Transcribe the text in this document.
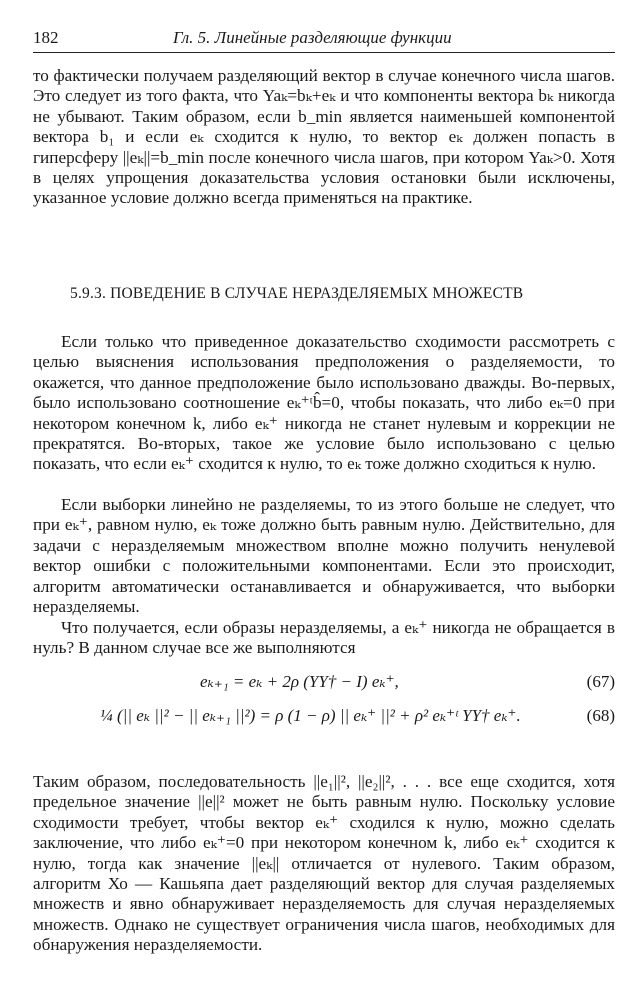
182	Гл. 5. Линейные разделяющие функции

то фактически получаем разделяющий вектор в случае конечного числа шагов. Это следует из того факта, что Yaₖ=bₖ+eₖ и что компоненты вектора bₖ никогда не убывают. Таким образом, если b_min является наименьшей компонентой вектора b₁ и если eₖ сходится к нулю, то вектор eₖ должен попасть в гиперсферу ||eₖ||=b_min после конечного числа шагов, при котором Yaₖ>0. Хотя в целях упрощения доказательства условия остановки были исключены, указанное условие должно всегда применяться на практике.

5.9.3. ПОВЕДЕНИЕ В СЛУЧАЕ НЕРАЗДЕЛЯЕМЫХ МНОЖЕСТВ

Если только что приведенное доказательство сходимости рассмотреть с целью выяснения использования предположения о разделяемости, то окажется, что данное предположение было использовано дважды. Во-первых, было использовано соотношение eₖ⁺ᵗb̂=0, чтобы показать, что либо eₖ=0 при некотором конечном k, либо eₖ⁺ никогда не станет нулевым и коррекции не прекратятся. Во-вторых, такое же условие было использовано с целью показать, что если eₖ⁺ сходится к нулю, то eₖ тоже должно сходиться к нулю.

Если выборки линейно не разделяемы, то из этого больше не следует, что при eₖ⁺, равном нулю, eₖ тоже должно быть равным нулю. Действительно, для задачи с неразделяемым множеством вполне можно получить ненулевой вектор ошибки с положительными компонентами. Если это происходит, алгоритм автоматически останавливается и обнаруживается, что выборки неразделяемы.

Что получается, если образы неразделяемы, а eₖ⁺ никогда не обращается в нуль? В данном случае все же выполняются

eₖ₊₁ = eₖ + 2ρ (YY† − I) eₖ⁺,	(67)
¼ (|| eₖ ||² − || eₖ₊₁ ||²) = ρ (1 − ρ) || eₖ⁺ ||² + ρ² eₖ⁺ᵗ YY† eₖ⁺.	(68)

Таким образом, последовательность ||e₁||², ||e₂||², . . . все еще сходится, хотя предельное значение ||e||² может не быть равным нулю. Поскольку условие сходимости требует, чтобы вектор eₖ⁺ сходился к нулю, можно сделать заключение, что либо eₖ⁺=0 при некотором конечном k, либо eₖ⁺ сходится к нулю, тогда как значение ||eₖ|| отличается от нулевого. Таким образом, алгоритм Хо — Кашьяпа дает разделяющий вектор для случая разделяемых множеств и явно обнаруживает неразделяемость для случая неразделяемых множеств. Однако не существует ограничения числа шагов, необходимых для обнаружения неразделяемости.
